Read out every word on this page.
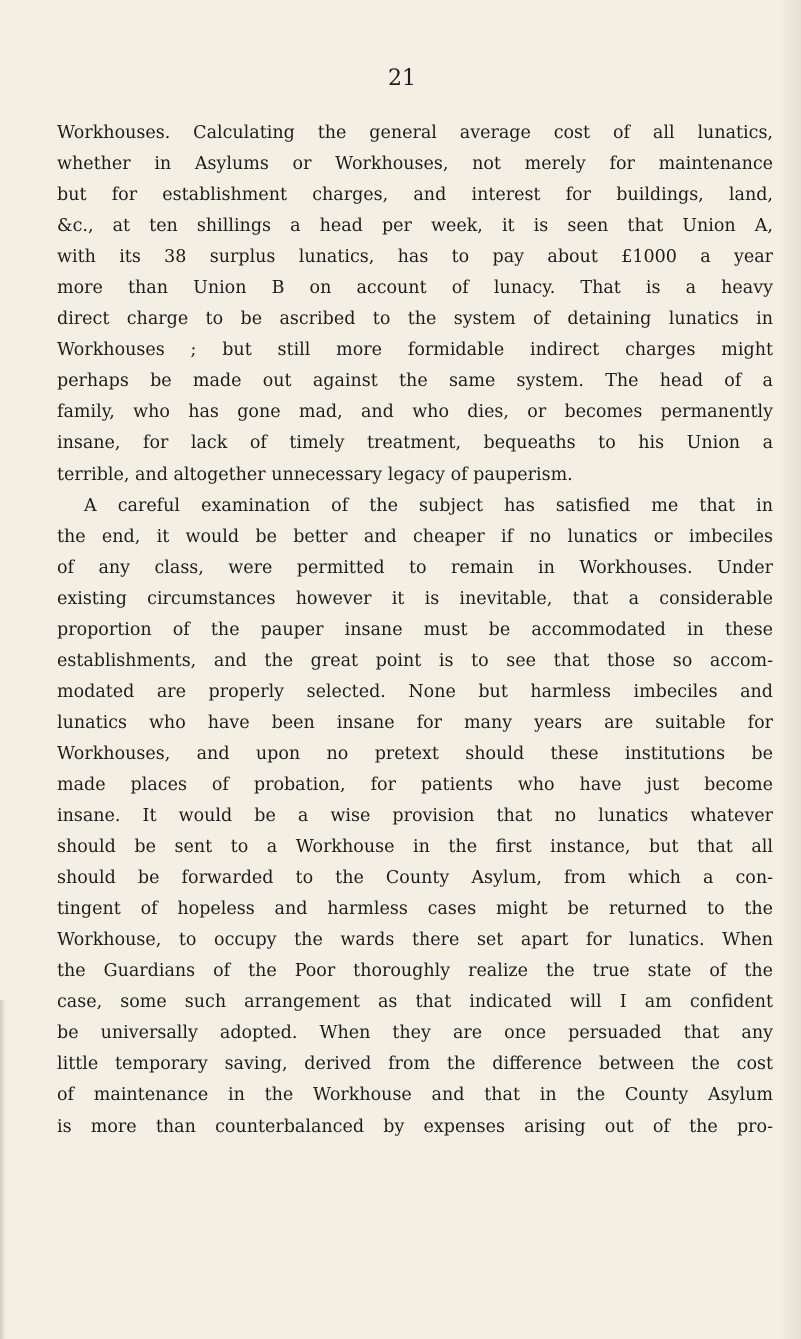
21
Workhouses. Calculating the general average cost of all lunatics,
whether in Asylums or Workhouses, not merely for maintenance
but for establishment charges, and interest for buildings, land,
&c., at ten shillings a head per week, it is seen that Union A,
with its 38 surplus lunatics, has to pay about £1000 a year
more than Union B on account of lunacy. That is a heavy
direct charge to be ascribed to the system of detaining lunatics in
Workhouses ; but still more formidable indirect charges might
perhaps be made out against the same system. The head of a
family, who has gone mad, and who dies, or becomes permanently
insane, for lack of timely treatment, bequeaths to his Union a
terrible, and altogether unnecessary legacy of pauperism.
A careful examination of the subject has satisfied me that in
the end, it would be better and cheaper if no lunatics or imbeciles
of any class, were permitted to remain in Workhouses. Under
existing circumstances however it is inevitable, that a considerable
proportion of the pauper insane must be accommodated in these
establishments, and the great point is to see that those so accom-
modated are properly selected. None but harmless imbeciles and
lunatics who have been insane for many years are suitable for
Workhouses, and upon no pretext should these institutions be
made places of probation, for patients who have just become
insane. It would be a wise provision that no lunatics whatever
should be sent to a Workhouse in the first instance, but that all
should be forwarded to the County Asylum, from which a con-
tingent of hopeless and harmless cases might be returned to the
Workhouse, to occupy the wards there set apart for lunatics. When
the Guardians of the Poor thoroughly realize the true state of the
case, some such arrangement as that indicated will I am confident
be universally adopted. When they are once persuaded that any
little temporary saving, derived from the difference between the cost
of maintenance in the Workhouse and that in the County Asylum
is more than counterbalanced by expenses arising out of the pro-
